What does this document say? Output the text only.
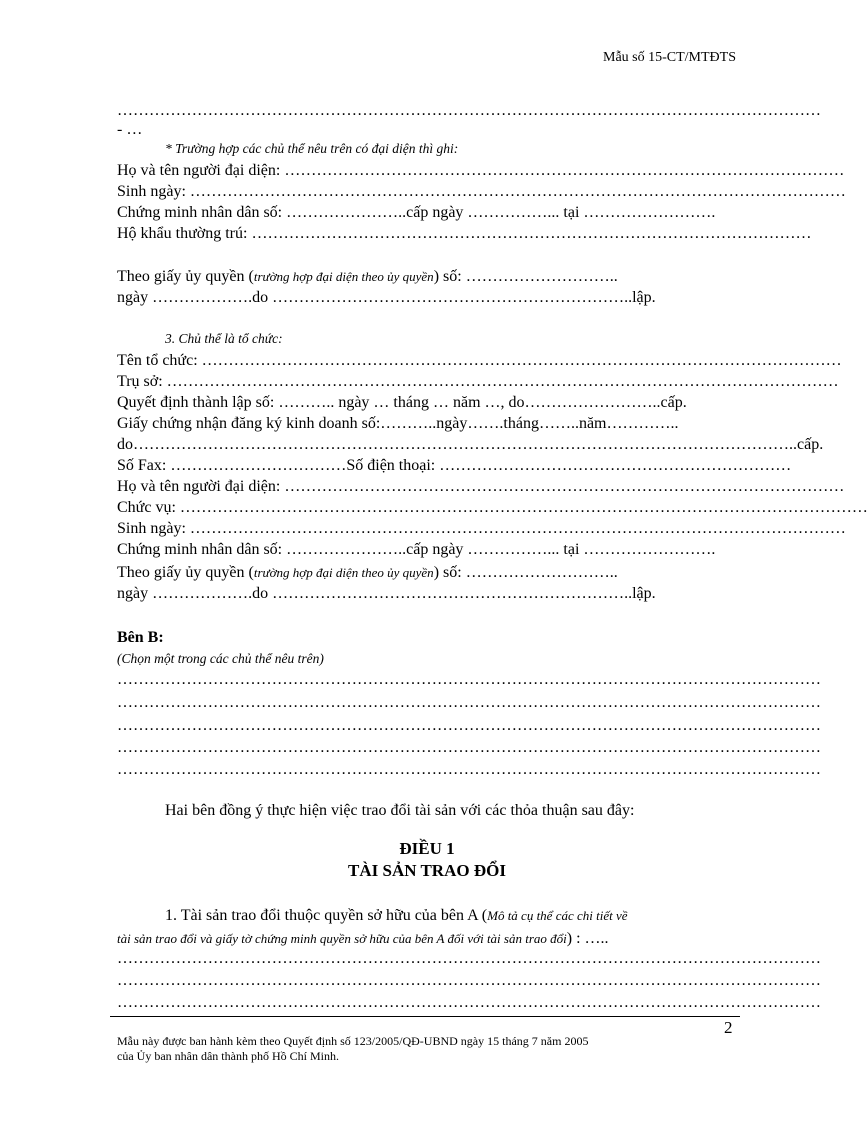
Mẫu số 15-CT/MTĐTS
……………………………………………………………………………………………………………………
- …
* Trường hợp các chủ thể nêu trên có đại diện thì ghi:
Họ và tên người đại diện: ……………………………………………………………………………………………
Sinh ngày: ……………………………………………………………………………………………………………
Chứng minh nhân dân số: …………………..cấp ngày ……………... tại …………………….
Hộ khẩu thường trú: ……………………………………………………………………………………………
Theo giấy ủy quyền (trường hợp đại diện theo ủy quyền) số: ………………………..
ngày ……………….do …………………………………………………………..lập.
3. Chủ thể là tổ chức:
Tên tổ chức: …………………………………………………………………………………………………………
Trụ sở: ………………………………………………………………………………………………………………
Quyết định thành lập số: ……….. ngày … tháng … năm …, do……………………..cấp.
Giấy chứng nhận đăng ký kinh doanh số:………..ngày…….tháng……..năm…………..
do……………………………………………………………………………………………………………..cấp.
Số Fax: ……………………………Số điện thoại: …………………………………………………………
Họ và tên người đại diện: ……………………………………………………………………………………………
Chức vụ: …………………………………………………………………………………………………………………
Sinh ngày: ……………………………………………………………………………………………………………
Chứng minh nhân dân số: …………………..cấp ngày ……………... tại …………………….
Theo giấy ủy quyền (trường hợp đại diện theo ủy quyền) số: ………………………..
ngày ……………….do …………………………………………………………..lập.
Bên B:
(Chọn một trong các chủ thể nêu trên)
……………………………………………………………………………………………………………………
……………………………………………………………………………………………………………………
……………………………………………………………………………………………………………………
……………………………………………………………………………………………………………………
……………………………………………………………………………………………………………………
Hai bên đồng ý thực hiện việc trao đổi tài sản với các thỏa thuận sau đây:
ĐIỀU 1
TÀI SẢN TRAO ĐỔI
1. Tài sản trao đổi thuộc quyền sở hữu của bên A (Mô tả cụ thể các chi tiết về
tài sản trao đổi và giấy tờ chứng minh quyền sở hữu của bên A đối với tài sản trao đổi) : …..
……………………………………………………………………………………………………………………
……………………………………………………………………………………………………………………
……………………………………………………………………………………………………………………
2
Mẫu này được ban hành kèm theo Quyết định số 123/2005/QĐ-UBND ngày 15 tháng 7 năm 2005
của Ủy ban nhân dân thành phố Hồ Chí Minh.
